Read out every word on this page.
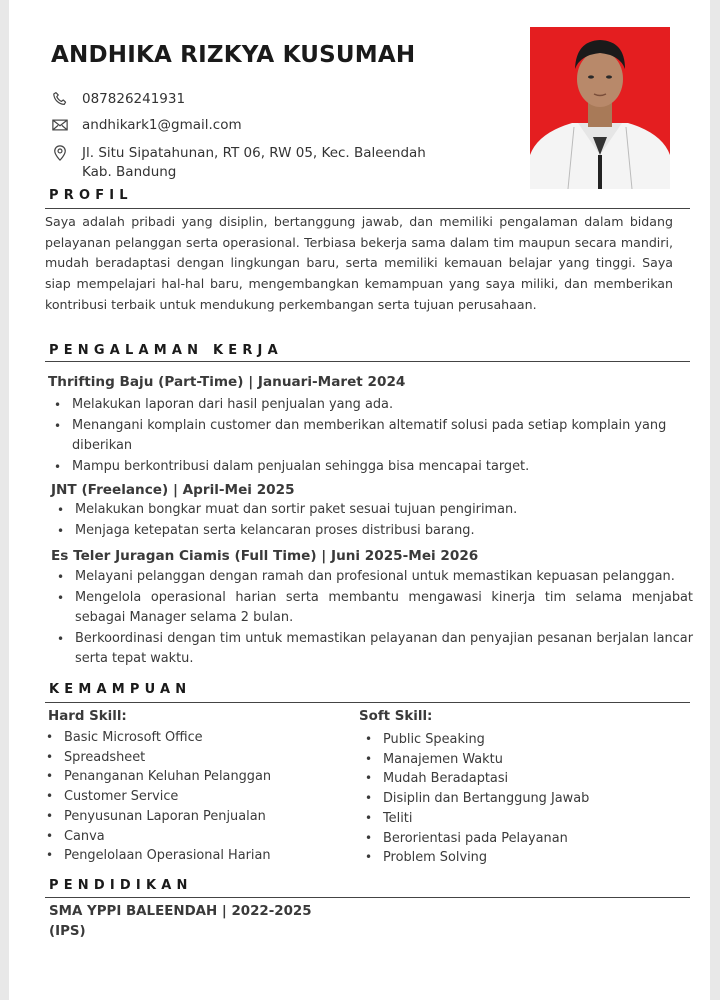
ANDHIKA RIZKYA KUSUMAH
087826241931
andhikark1@gmail.com
Jl. Situ Sipatahunan, RT 06, RW 05, Kec. Baleendah
Kab. Bandung
PROFIL
Saya adalah pribadi yang disiplin, bertanggung jawab, dan memiliki pengalaman dalam bidang pelayanan pelanggan serta operasional. Terbiasa bekerja sama dalam tim maupun secara mandiri, mudah beradaptasi dengan lingkungan baru, serta memiliki kemauan belajar yang tinggi. Saya siap mempelajari hal-hal baru, mengembangkan kemampuan yang saya miliki, dan memberikan kontribusi terbaik untuk mendukung perkembangan serta tujuan perusahaan.
PENGALAMAN KERJA
Thrifting Baju (Part-Time) | Januari-Maret 2024
• Melakukan laporan dari hasil penjualan yang ada.
• Menangani komplain customer dan memberikan altematif solusi pada setiap komplain yang diberikan
• Mampu berkontribusi dalam penjualan sehingga bisa mencapai target.
JNT (Freelance) | April-Mei 2025
• Melakukan bongkar muat dan sortir paket sesuai tujuan pengiriman.
• Menjaga ketepatan serta kelancaran proses distribusi barang.
Es Teler Juragan Ciamis (Full Time) | Juni 2025-Mei 2026
• Melayani pelanggan dengan ramah dan profesional untuk memastikan kepuasan pelanggan.
• Mengelola operasional harian serta membantu mengawasi kinerja tim selama menjabat sebagai Manager selama 2 bulan.
• Berkoordinasi dengan tim untuk memastikan pelayanan dan penyajian pesanan berjalan lancar serta tepat waktu.
KEMAMPUAN
Hard Skill:
• Basic Microsoft Office
• Spreadsheet
• Penanganan Keluhan Pelanggan
• Customer Service
• Penyusunan Laporan Penjualan
• Canva
• Pengelolaan Operasional Harian
Soft Skill:
• Public Speaking
• Manajemen Waktu
• Mudah Beradaptasi
• Disiplin dan Bertanggung Jawab
• Teliti
• Berorientasi pada Pelayanan
• Problem Solving
PENDIDIKAN
SMA YPPI BALEENDAH | 2022-2025
(IPS)
